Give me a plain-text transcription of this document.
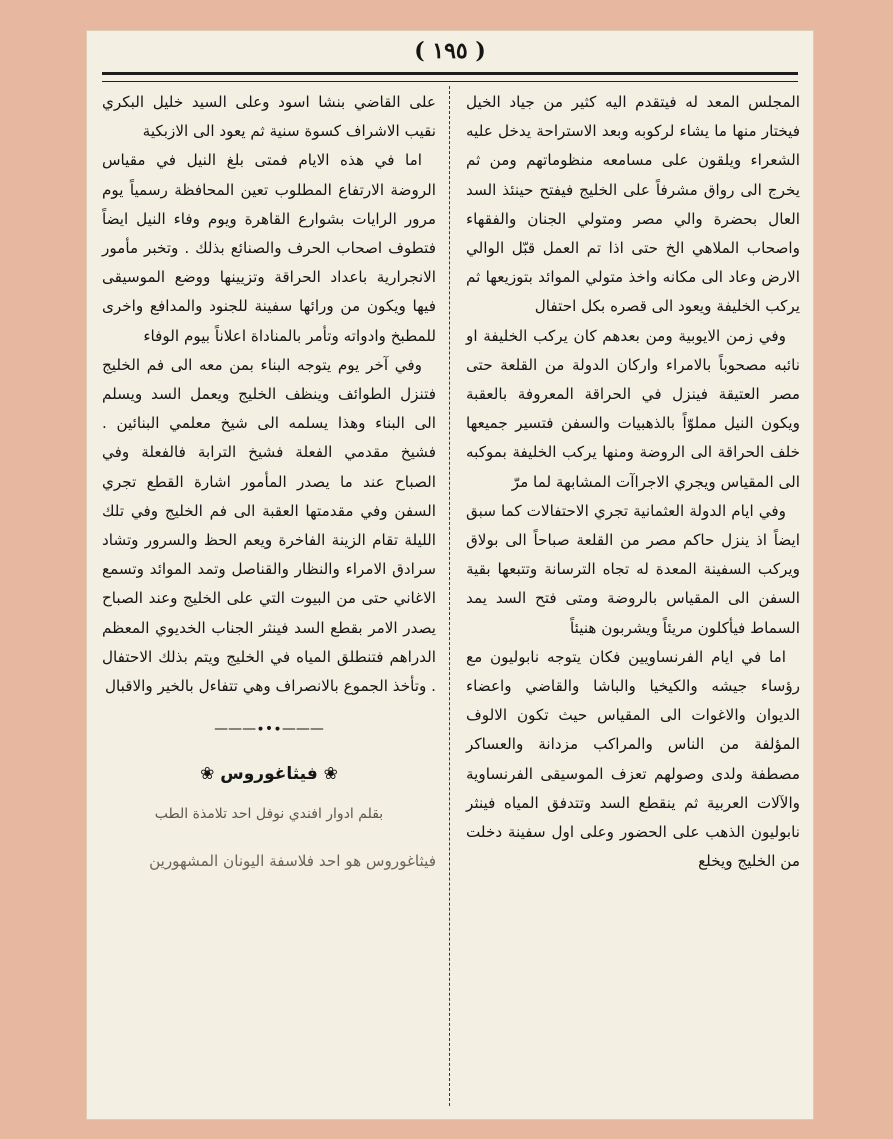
( ١٩٥ )

المجلس المعد له فيتقدم اليه كثير من جياد الخيل فيختار منها ما يشاء لركوبه وبعد الاستراحة يدخل عليه الشعراء ويلقون على مسامعه منظوماتهم ومن ثم يخرج الى رواق مشرفاً على الخليج فيفتح حينئذ السد العال بحضرة والي مصر ومتولي الجنان والفقهاء واصحاب الملاهي الخ حتى اذا تم العمل قبّل الوالي الارض وعاد الى مكانه واخذ متولي الموائد بتوزيعها ثم يركب الخليفة ويعود الى قصره بكل احتفال

وفي زمن الايوبية ومن بعدهم كان يركب الخليفة او نائبه مصحوباً بالامراء واركان الدولة من القلعة حتى مصر العتيقة فينزل في الحراقة المعروفة بالعقبة ويكون النيل مملوّاً بالذهبيات والسفن فتسير جميعها خلف الحراقة الى الروضة ومنها يركب الخليفة بموكبه الى المقياس ويجري الاجراآت المشابهة لما مرّ

وفي ايام الدولة العثمانية تجري الاحتفالات كما سبق ايضاً اذ ينزل حاكم مصر من القلعة صباحاً الى بولاق ويركب السفينة المعدة له تجاه الترسانة وتتبعها بقية السفن الى المقياس بالروضة ومتى فتح السد يمد السماط فيأكلون مريئاً ويشربون هنيئاً

اما في ايام الفرنساويين فكان يتوجه نابوليون مع رؤساء جيشه والكيخيا والباشا والقاضي واعضاء الديوان والاغوات الى المقياس حيث تكون الالوف المؤلفة من الناس والمراكب مزدانة والعساكر مصطفة ولدى وصولهم تعزف الموسيقى الفرنساوية والآلات العربية ثم ينقطع السد وتتدفق المياه فينثر نابوليون الذهب على الحضور وعلى اول سفينة دخلت من الخليج ويخلع

على القاضي بنشا اسود وعلى السيد خليل البكري نقيب الاشراف كسوة سنية ثم يعود الى الازبكية

اما في هذه الايام فمتى بلغ النيل في مقياس الروضة الارتفاع المطلوب تعين المحافظة رسمياً يوم مرور الرايات بشوارع القاهرة ويوم وفاء النيل ايضاً فتطوف اصحاب الحرف والصنائع بذلك . وتخبر مأمور الانجرارية باعداد الحراقة وتزيينها ووضع الموسيقى فيها ويكون من ورائها سفينة للجنود والمدافع واخرى للمطبخ وادواته وتأمر بالمناداة اعلاناً بيوم الوفاء

وفي آخر يوم يتوجه البناء بمن معه الى فم الخليج فتنزل الطوائف وينظف الخليج ويعمل السد ويسلم الى البناء وهذا يسلمه الى شيخ معلمي البنائين . فشيخ مقدمي الفعلة فشيخ الترابة فالفعلة وفي الصباح عند ما يصدر المأمور اشارة القطع تجري السفن وفي مقدمتها العقبة الى فم الخليج وفي تلك الليلة تقام الزينة الفاخرة ويعم الحظ والسرور وتشاد سرادق الامراء والنظار والقناصل وتمد الموائد وتسمع الاغاني حتى من البيوت التي على الخليج وعند الصباح يصدر الامر بقطع السد فينثر الجناب الخديوي المعظم الدراهم فتنطلق المياه في الخليج ويتم بذلك الاحتفال . وتأخذ الجموع بالانصراف وهي تتفاءل بالخير والاقبال

———∙•∙———
❀ فيثاغوروس ❀
بقلم ادوار افندي نوفل احد تلامذة الطب

فيثاغوروس هو احد فلاسفة اليونان المشهورين
